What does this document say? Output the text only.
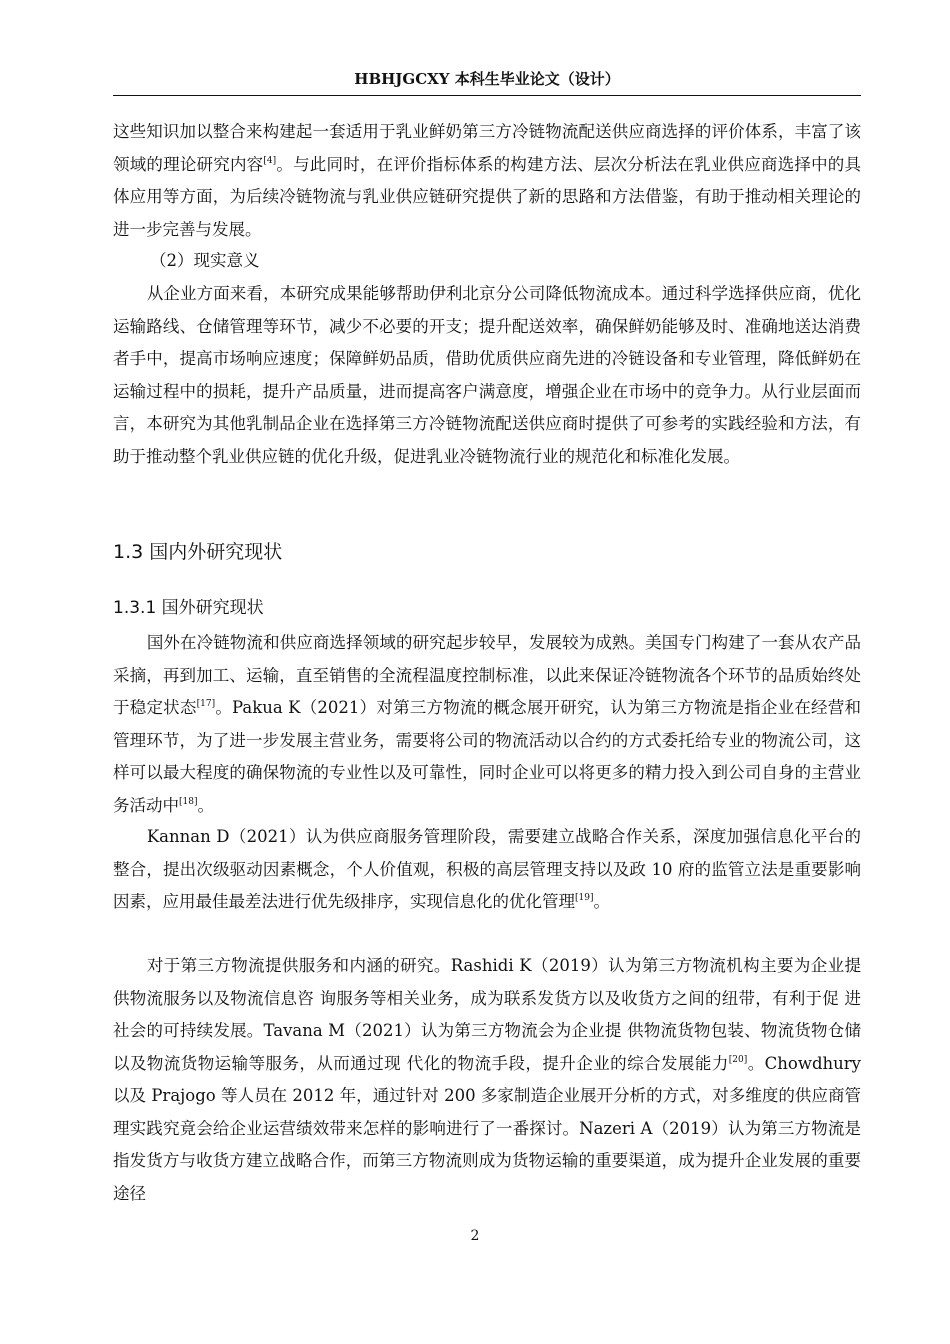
HBHJGCXY 本科生毕业论文（设计）

这些知识加以整合来构建起一套适用于乳业鲜奶第三方冷链物流配送供应商选择的评价体系，丰富了该领域的理论研究内容[4]。与此同时，在评价指标体系的构建方法、层次分析法在乳业供应商选择中的具体应用等方面，为后续冷链物流与乳业供应链研究提供了新的思路和方法借鉴，有助于推动相关理论的进一步完善与发展。

（2）现实意义

从企业方面来看，本研究成果能够帮助伊利北京分公司降低物流成本。通过科学选择供应商，优化运输路线、仓储管理等环节，减少不必要的开支；提升配送效率，确保鲜奶能够及时、准确地送达消费者手中，提高市场响应速度；保障鲜奶品质，借助优质供应商先进的冷链设备和专业管理，降低鲜奶在运输过程中的损耗，提升产品质量，进而提高客户满意度，增强企业在市场中的竞争力。从行业层面而言，本研究为其他乳制品企业在选择第三方冷链物流配送供应商时提供了可参考的实践经验和方法，有助于推动整个乳业供应链的优化升级，促进乳业冷链物流行业的规范化和标准化发展。

1.3 国内外研究现状
1.3.1 国外研究现状

国外在冷链物流和供应商选择领域的研究起步较早，发展较为成熟。美国专门构建了一套从农产品采摘，再到加工、运输，直至销售的全流程温度控制标准，以此来保证冷链物流各个环节的品质始终处于稳定状态[17]。Pakua K（2021）对第三方物流的概念展开研究，认为第三方物流是指企业在经营和管理环节，为了进一步发展主营业务，需要将公司的物流活动以合约的方式委托给专业的物流公司，这样可以最大程度的确保物流的专业性以及可靠性，同时企业可以将更多的精力投入到公司自身的主营业务活动中[18]。

Kannan D（2021）认为供应商服务管理阶段，需要建立战略合作关系，深度加强信息化平台的整合，提出次级驱动因素概念，个人价值观，积极的高层管理支持以及政 10 府的监管立法是重要影响因素，应用最佳最差法进行优先级排序，实现信息化的优化管理[19]。

对于第三方物流提供服务和内涵的研究。Rashidi K（2019）认为第三方物流机构主要为企业提供物流服务以及物流信息咨 询服务等相关业务，成为联系发货方以及收货方之间的纽带，有利于促 进社会的可持续发展。Tavana M（2021）认为第三方物流会为企业提 供物流货物包装、物流货物仓储以及物流货物运输等服务，从而通过现 代化的物流手段，提升企业的综合发展能力[20]。Chowdhury 以及 Prajogo 等人员在 2012 年，通过针对 200 多家制造企业展开分析的方式，对多维度的供应商管理实践究竟会给企业运营绩效带来怎样的影响进行了一番探讨。Nazeri A（2019）认为第三方物流是指发货方与收货方建立战略合作，而第三方物流则成为货物运输的重要渠道，成为提升企业发展的重要途径

2
